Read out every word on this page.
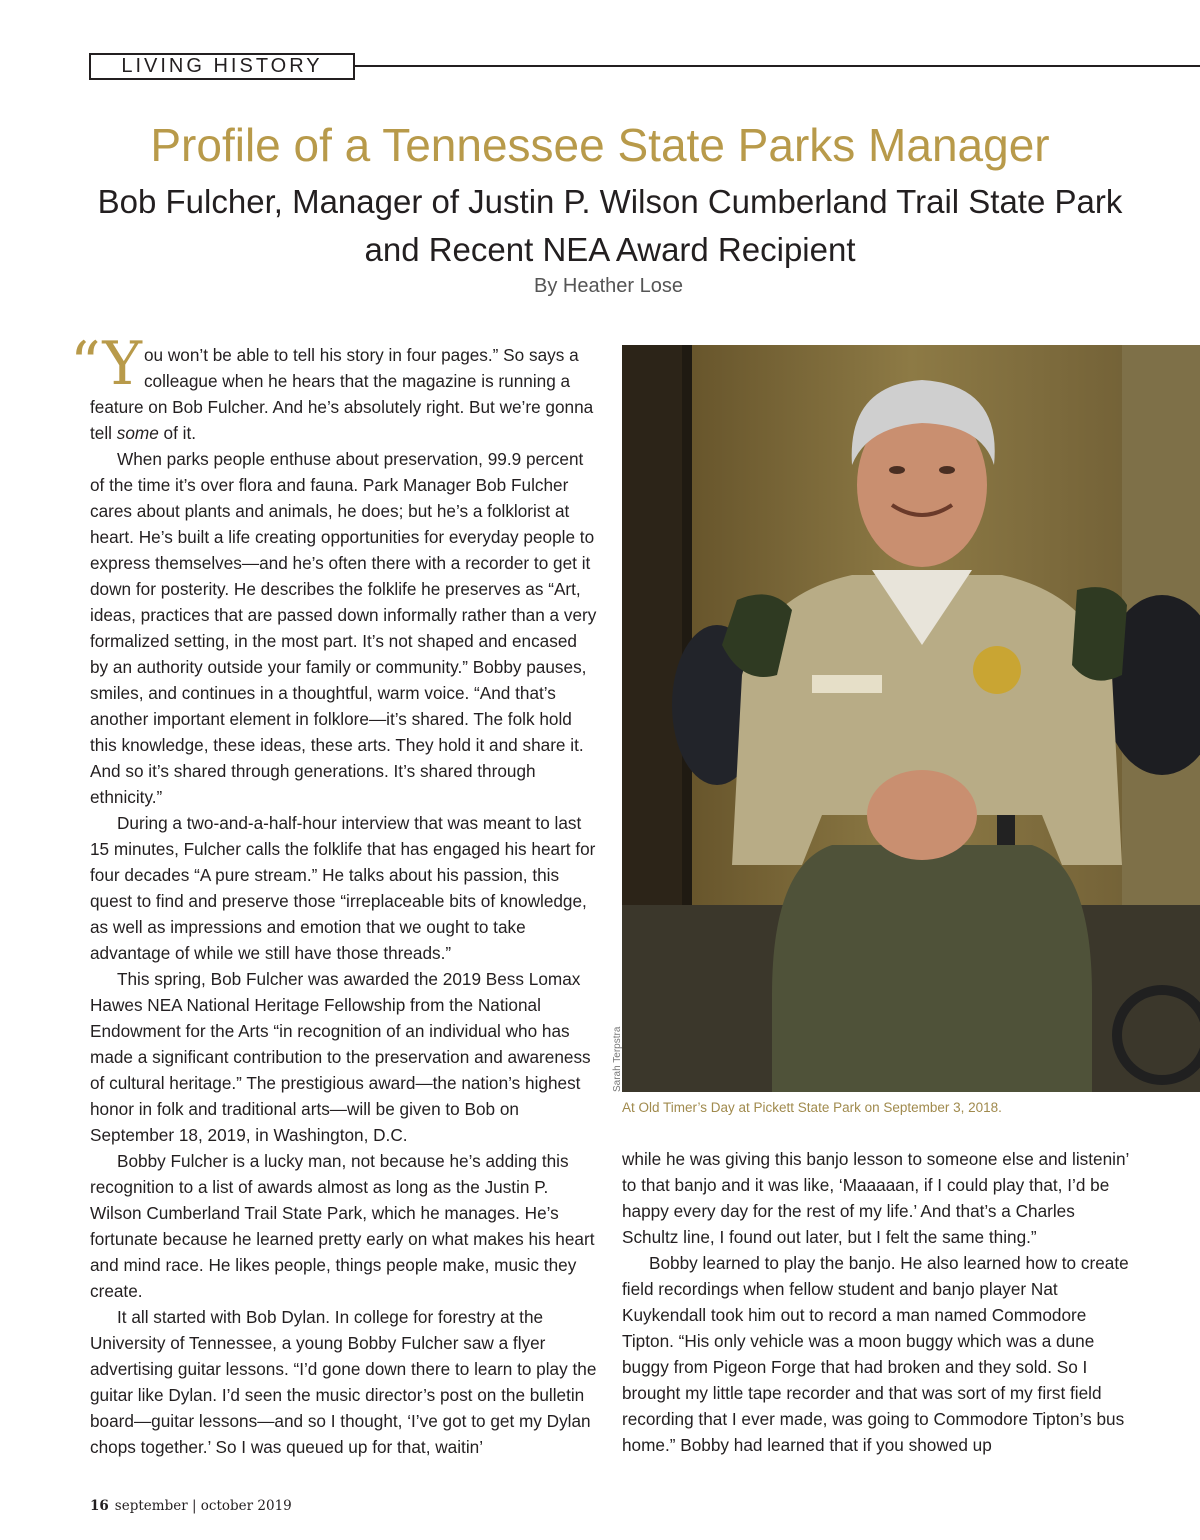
LIVING HISTORY
Profile of a Tennessee State Parks Manager
Bob Fulcher, Manager of Justin P. Wilson Cumberland Trail State Park
and Recent NEA Award Recipient
By Heather Lose

“You won’t be able to tell his story in four pages.” So says a colleague when he hears that the magazine is running a feature on Bob Fulcher. And he’s absolutely right. But we’re gonna tell some of it.

When parks people enthuse about preservation, 99.9 percent of the time it’s over flora and fauna. Park Manager Bob Fulcher cares about plants and animals, he does; but he’s a folklorist at heart. He’s built a life creating opportunities for everyday people to express themselves—and he’s often there with a recorder to get it down for posterity. He describes the folklife he preserves as “Art, ideas, practices that are passed down informally rather than a very formalized setting, in the most part. It’s not shaped and encased by an authority outside your family or community.” Bobby pauses, smiles, and continues in a thoughtful, warm voice. “And that’s another important element in folklore—it’s shared. The folk hold this knowledge, these ideas, these arts. They hold it and share it. And so it’s shared through generations. It’s shared through ethnicity.”

During a two-and-a-half-hour interview that was meant to last 15 minutes, Fulcher calls the folklife that has engaged his heart for four decades “A pure stream.” He talks about his passion, this quest to find and preserve those “irreplaceable bits of knowledge, as well as impressions and emotion that we ought to take advantage of while we still have those threads.”

This spring, Bob Fulcher was awarded the 2019 Bess Lomax Hawes NEA National Heritage Fellowship from the National Endowment for the Arts “in recognition of an individual who has made a significant contribution to the preservation and awareness of cultural heritage.” The prestigious award—the nation’s highest honor in folk and traditional arts—will be given to Bob on September 18, 2019, in Washington, D.C.

Bobby Fulcher is a lucky man, not because he’s adding this recognition to a list of awards almost as long as the Justin P. Wilson Cumberland Trail State Park, which he manages. He’s fortunate because he learned pretty early on what makes his heart and mind race. He likes people, things people make, music they create.

It all started with Bob Dylan. In college for forestry at the University of Tennessee, a young Bobby Fulcher saw a flyer advertising guitar lessons. “I’d gone down there to learn to play the guitar like Dylan. I’d seen the music director’s post on the bulletin board—guitar lessons—and so I thought, ‘I’ve got to get my Dylan chops together.’ So I was queued up for that, waitin’

Sarah Terpstra
At Old Timer’s Day at Pickett State Park on September 3, 2018.

while he was giving this banjo lesson to someone else and listenin’ to that banjo and it was like, ‘Maaaaan, if I could play that, I’d be happy every day for the rest of my life.’ And that’s a Charles Schultz line, I found out later, but I felt the same thing.”

Bobby learned to play the banjo. He also learned how to create field recordings when fellow student and banjo player Nat Kuykendall took him out to record a man named Commodore Tipton. “His only vehicle was a moon buggy which was a dune buggy from Pigeon Forge that had broken and they sold. So I brought my little tape recorder and that was sort of my first field recording that I ever made, was going to Commodore Tipton’s bus home.” Bobby had learned that if you showed up

16 september | october 2019
